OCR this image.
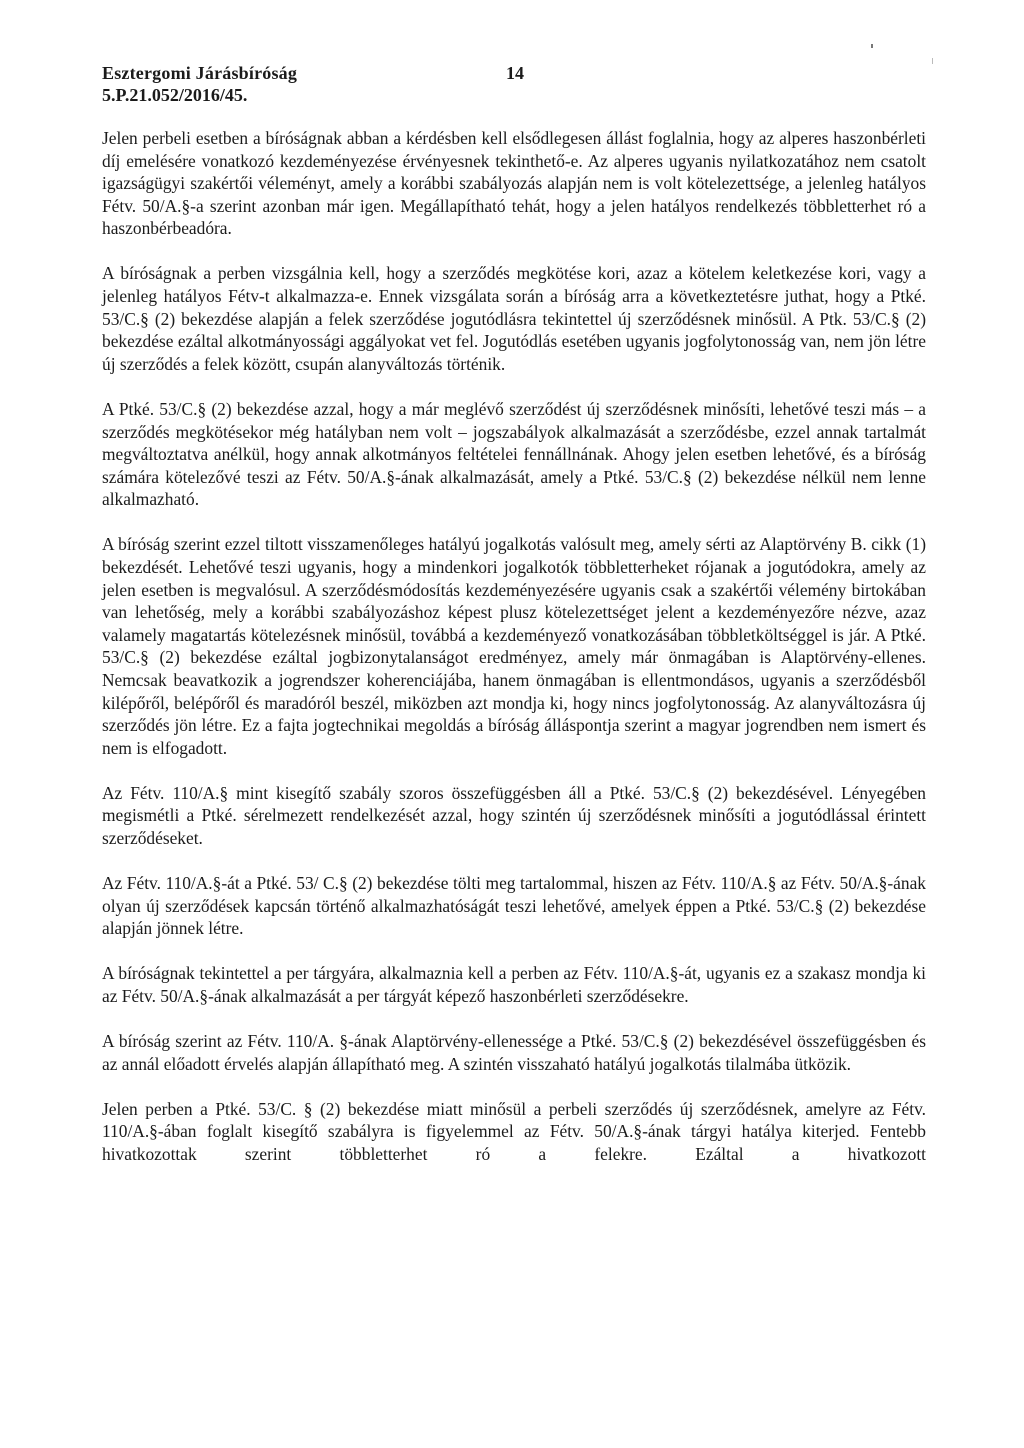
Esztergomi Járásbíróság	14
5.P.21.052/2016/45.

Jelen perbeli esetben a bíróságnak abban a kérdésben kell elsődlegesen állást foglalnia, hogy az alperes haszonbérleti díj emelésére vonatkozó kezdeményezése érvényesnek tekinthető-e. Az alperes ugyanis nyilatkozatához nem csatolt igazságügyi szakértői véleményt, amely a korábbi szabályozás alapján nem is volt kötelezettsége, a jelenleg hatályos Fétv. 50/A.§-a szerint azonban már igen. Megállapítható tehát, hogy a jelen hatályos rendelkezés többletterhet ró a haszonbérbeadóra.

A bíróságnak a perben vizsgálnia kell, hogy a szerződés megkötése kori, azaz a kötelem keletkezése kori, vagy a jelenleg hatályos Fétv-t alkalmazza-e. Ennek vizsgálata során a bíróság arra a következtetésre juthat, hogy a Ptké. 53/C.§ (2) bekezdése alapján a felek szerződése jogutódlásra tekintettel új szerződésnek minősül. A Ptk. 53/C.§ (2) bekezdése ezáltal alkotmányossági aggályokat vet fel. Jogutódlás esetében ugyanis jogfolytonosság van, nem jön létre új szerződés a felek között, csupán alanyváltozás történik.

A Ptké. 53/C.§ (2) bekezdése azzal, hogy a már meglévő szerződést új szerződésnek minősíti, lehetővé teszi más – a szerződés megkötésekor még hatályban nem volt – jogszabályok alkalmazását a szerződésbe, ezzel annak tartalmát megváltoztatva anélkül, hogy annak alkotmányos feltételei fennállnának. Ahogy jelen esetben lehetővé, és a bíróság számára kötelezővé teszi az Fétv. 50/A.§-ának alkalmazását, amely a Ptké. 53/C.§ (2) bekezdése nélkül nem lenne alkalmazható.

A bíróság szerint ezzel tiltott visszamenőleges hatályú jogalkotás valósult meg, amely sérti az Alaptörvény B. cikk (1) bekezdését. Lehetővé teszi ugyanis, hogy a mindenkori jogalkotók többletterheket rójanak a jogutódokra, amely az jelen esetben is megvalósul. A szerződésmódosítás kezdeményezésére ugyanis csak a szakértői vélemény birtokában van lehetőség, mely a korábbi szabályozáshoz képest plusz kötelezettséget jelent a kezdeményezőre nézve, azaz valamely magatartás kötelezésnek minősül, továbbá a kezdeményező vonatkozásában többletköltséggel is jár. A Ptké. 53/C.§ (2) bekezdése ezáltal jogbizonytalanságot eredményez, amely már önmagában is Alaptörvény-ellenes. Nemcsak beavatkozik a jogrendszer koherenciájába, hanem önmagában is ellentmondásos, ugyanis a szerződésből kilépőről, belépőről és maradóról beszél, miközben azt mondja ki, hogy nincs jogfolytonosság. Az alanyváltozásra új szerződés jön létre. Ez a fajta jogtechnikai megoldás a bíróság álláspontja szerint a magyar jogrendben nem ismert és nem is elfogadott.

Az Fétv. 110/A.§ mint kisegítő szabály szoros összefüggésben áll a Ptké. 53/C.§ (2) bekezdésével. Lényegében megismétli a Ptké. sérelmezett rendelkezését azzal, hogy szintén új szerződésnek minősíti a jogutódlással érintett szerződéseket.

Az Fétv. 110/A.§-át a Ptké. 53/ C.§ (2) bekezdése tölti meg tartalommal, hiszen az Fétv. 110/A.§ az Fétv. 50/A.§-ának olyan új szerződések kapcsán történő alkalmazhatóságát teszi lehetővé, amelyek éppen a Ptké. 53/C.§ (2) bekezdése alapján jönnek létre.

A bíróságnak tekintettel a per tárgyára, alkalmaznia kell a perben az Fétv. 110/A.§-át, ugyanis ez a szakasz mondja ki az Fétv. 50/A.§-ának alkalmazását a per tárgyát képező haszonbérleti szerződésekre.

A bíróság szerint az Fétv. 110/A. §-ának Alaptörvény-ellenessége a Ptké. 53/C.§ (2) bekezdésével összefüggésben és az annál előadott érvelés alapján állapítható meg. A szintén visszaható hatályú jogalkotás tilalmába ütközik.

Jelen perben a Ptké. 53/C. § (2) bekezdése miatt minősül a perbeli szerződés új szerződésnek, amelyre az Fétv. 110/A.§-ában foglalt kisegítő szabályra is figyelemmel az Fétv. 50/A.§-ának tárgyi hatálya kiterjed. Fentebb hivatkozottak szerint többletterhet ró a felekre. Ezáltal a hivatkozott
